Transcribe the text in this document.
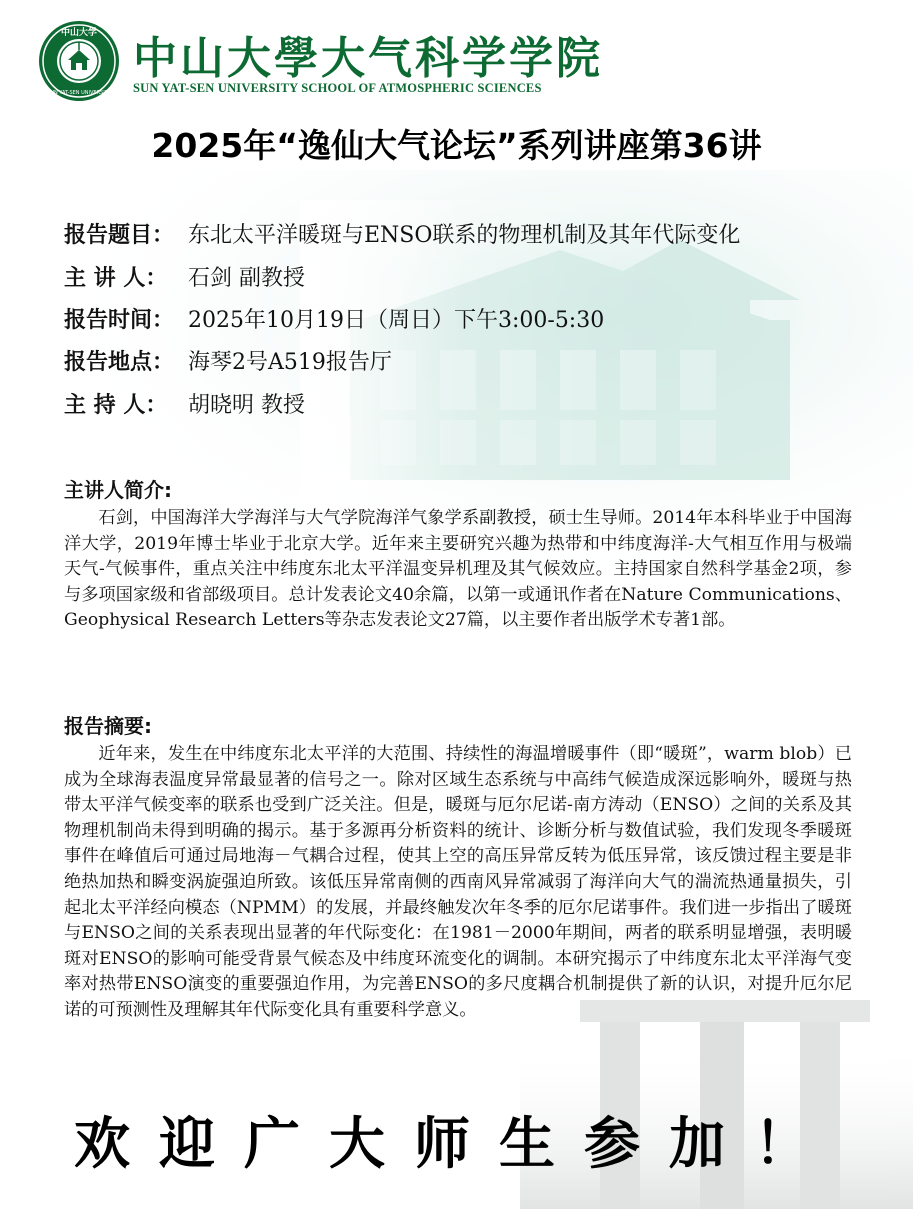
中山大学
SUN YAT-SEN UNIVERSITY
中山大學大气科学学院
SUN YAT-SEN UNIVERSITY SCHOOL OF ATMOSPHERIC SCIENCES
2025年“逸仙大气论坛”系列讲座第36讲
报告题目： 东北太平洋暖斑与ENSO联系的物理机制及其年代际变化
主 讲 人： 石剑 副教授
报告时间： 2025年10月19日（周日）下午3:00-5:30
报告地点： 海琴2号A519报告厅
主 持 人： 胡晓明 教授
主讲人简介:
石剑，中国海洋大学海洋与大气学院海洋气象学系副教授，硕士生导师。2014年本科毕业于中国海洋大学，2019年博士毕业于北京大学。近年来主要研究兴趣为热带和中纬度海洋-大气相互作用与极端天气-气候事件，重点关注中纬度东北太平洋温变异机理及其气候效应。主持国家自然科学基金2项，参与多项国家级和省部级项目。总计发表论文40余篇，以第一或通讯作者在Nature Communications、Geophysical Research Letters等杂志发表论文27篇，以主要作者出版学术专著1部。
报告摘要:
近年来，发生在中纬度东北太平洋的大范围、持续性的海温增暖事件（即“暖斑”，warm blob）已成为全球海表温度异常最显著的信号之一。除对区域生态系统与中高纬气候造成深远影响外，暖斑与热带太平洋气候变率的联系也受到广泛关注。但是，暖斑与厄尔尼诺-南方涛动（ENSO）之间的关系及其物理机制尚未得到明确的揭示。基于多源再分析资料的统计、诊断分析与数值试验，我们发现冬季暖斑事件在峰值后可通过局地海－气耦合过程，使其上空的高压异常反转为低压异常，该反馈过程主要是非绝热加热和瞬变涡旋强迫所致。该低压异常南侧的西南风异常减弱了海洋向大气的湍流热通量损失，引起北太平洋经向模态（NPMM）的发展，并最终触发次年冬季的厄尔尼诺事件。我们进一步指出了暖斑与ENSO之间的关系表现出显著的年代际变化：在1981－2000年期间，两者的联系明显增强，表明暖斑对ENSO的影响可能受背景气候态及中纬度环流变化的调制。本研究揭示了中纬度东北太平洋海气变率对热带ENSO演变的重要强迫作用，为完善ENSO的多尺度耦合机制提供了新的认识，对提升厄尔尼诺的可预测性及理解其年代际变化具有重要科学意义。
欢迎广大师生参加！
